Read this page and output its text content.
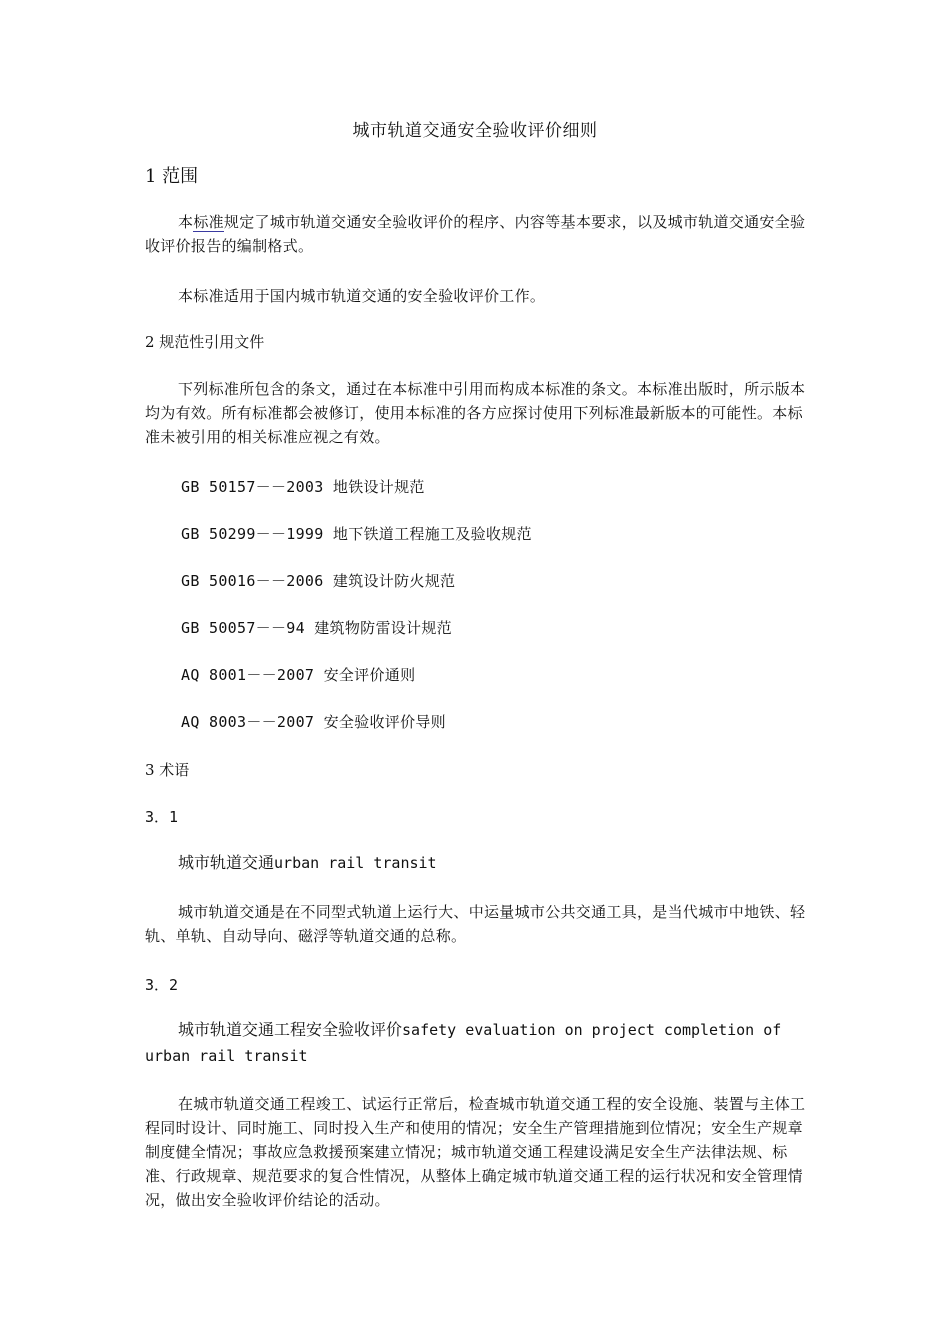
城市轨道交通安全验收评价细则
1 范围
本标准规定了城市轨道交通安全验收评价的程序、内容等基本要求，以及城市轨道交通安全验收评价报告的编制格式。
本标准适用于国内城市轨道交通的安全验收评价工作。
2 规范性引用文件
下列标准所包含的条文，通过在本标准中引用而构成本标准的条文。本标准出版时，所示版本均为有效。所有标准都会被修订，使用本标准的各方应探讨使用下列标准最新版本的可能性。本标准未被引用的相关标准应视之有效。
GB 50157－－2003 地铁设计规范
GB 50299－－1999 地下铁道工程施工及验收规范
GB 50016－－2006 建筑设计防火规范
GB 50057－－94 建筑物防雷设计规范
AQ 8001－－2007 安全评价通则
AQ 8003－－2007 安全验收评价导则
3 术语
3．1
城市轨道交通urban rail transit
城市轨道交通是在不同型式轨道上运行大、中运量城市公共交通工具，是当代城市中地铁、轻轨、单轨、自动导向、磁浮等轨道交通的总称。
3．2
城市轨道交通工程安全验收评价safety evaluation on project completion of urban rail transit
在城市轨道交通工程竣工、试运行正常后，检查城市轨道交通工程的安全设施、装置与主体工程同时设计、同时施工、同时投入生产和使用的情况；安全生产管理措施到位情况；安全生产规章制度健全情况；事故应急救援预案建立情况；城市轨道交通工程建设满足安全生产法律法规、标准、行政规章、规范要求的复合性情况，从整体上确定城市轨道交通工程的运行状况和安全管理情况，做出安全验收评价结论的活动。
